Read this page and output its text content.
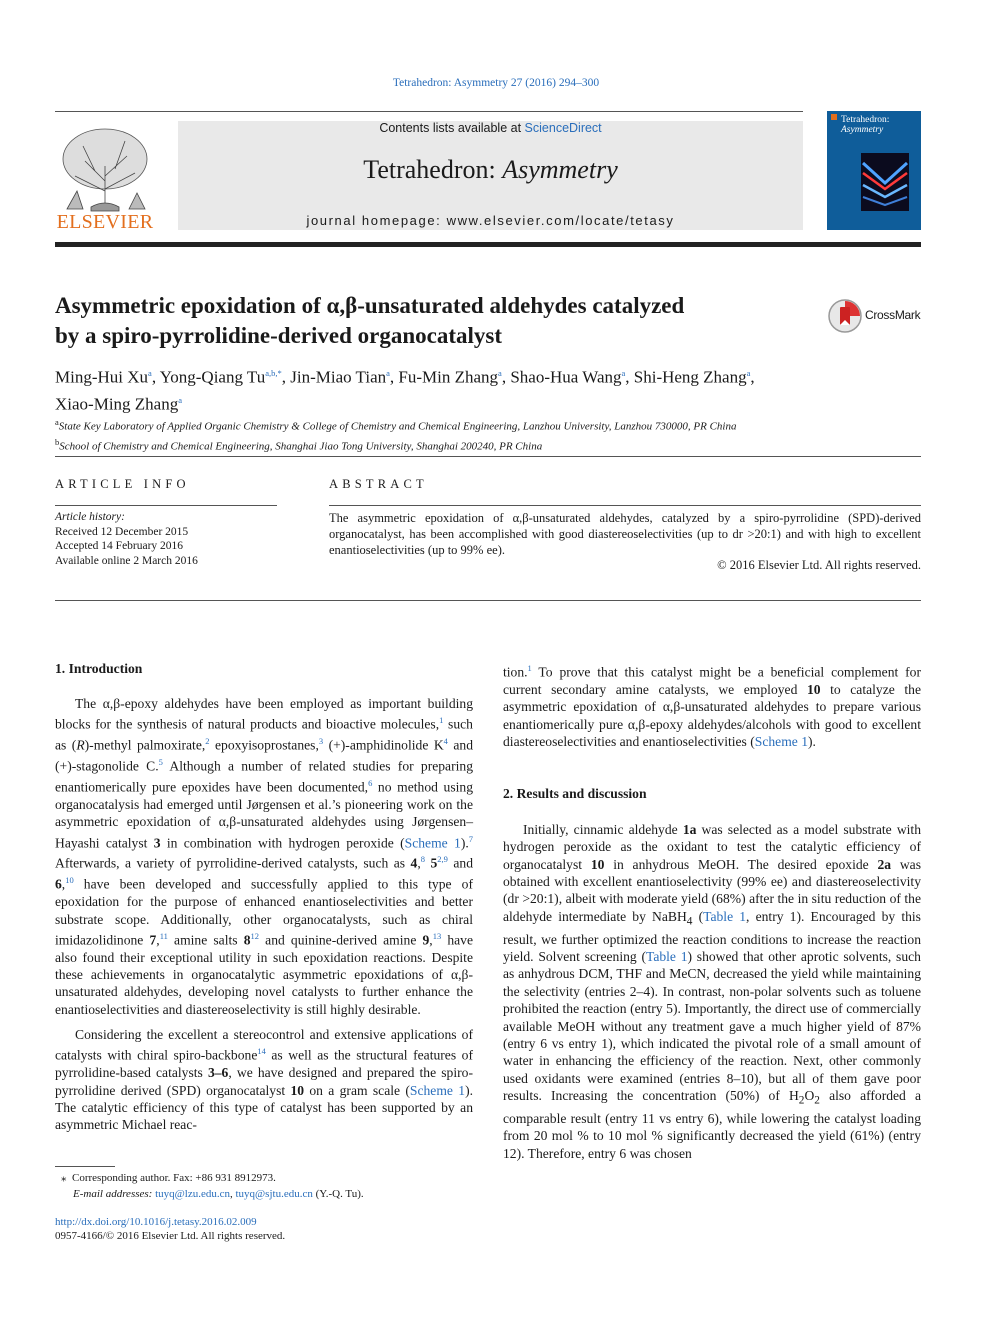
Tetrahedron: Asymmetry 27 (2016) 294–300
Contents lists available at ScienceDirect
Tetrahedron: Asymmetry
journal homepage: www.elsevier.com/locate/tetasy
ELSEVIER
Tetrahedron:
Asymmetry
Asymmetric epoxidation of α,β-unsaturated aldehydes catalyzed
by a spiro-pyrrolidine-derived organocatalyst
CrossMark
Ming-Hui Xu$^a$, Yong-Qiang $Tu^{a,b,*}$, Jin-Miao Tian$^a$, Fu-Min Zhang$^a$, Shao-Hua Wang$^a$, Shi-Heng Zhang$^a$,
Xiao-Ming Zhang$^a$
$^a$State Key Laboratory of Applied Organic Chemistry & College of Chemistry and Chemical Engineering, Lanzhou University, Lanzhou 730000, PR China
$^b$School of Chemistry and Chemical Engineering, Shanghai Jiao Tong University, Shanghai 200240, PR China
ARTICLE INFO	ABSTRACT
Article history:
Received 12 December 2015
Accepted 14 February 2016
Available online 2 March 2016
The asymmetric epoxidation of α,β-unsaturated aldehydes, catalyzed by a spiro-pyrrolidine (SPD)-derived organocatalyst, has been accomplished with good diastereoselectivities (up to dr >20:1) and with high to excellent enantioselectivities (up to 99% ee).
© 2016 Elsevier Ltd. All rights reserved.
1. Introduction

The α,β-epoxy aldehydes have been employed as important building blocks for the synthesis of natural products and bioactive molecules,$^1$ such as (R)-methyl palmoxirate,$^2$ epoxyisoprostanes,$^3$ (+)-amphidinolide $K^4$ and (+)-stagonolide C.$^5$ Although a number of related studies for preparing enantiomerically pure epoxides have been documented,$^6$ no method using organocatalysis had emerged until Jørgensen et al.’s pioneering work on the asymmetric epoxidation of α,β-unsaturated aldehydes using Jørgensen–Hayashi catalyst 3 in combination with hydrogen peroxide (Scheme 1).$^7$ Afterwards, a variety of pyrrolidine-derived catalysts, such as 4,$^8$ 5$^{2,9}$ and 6,10 have been developed and successfully applied to this type of epoxidation for the purpose of enhanced enantioselectivities and better substrate scope. Additionally, other organocatalysts, such as chiral imidazolidinone 7,11 amine salts $8^{12}$ and quinine-derived amine 9,13 have also found their exceptional utility in such epoxidation reactions. Despite these achievements in organocatalytic asymmetric epoxidations of α,β-unsaturated aldehydes, developing novel catalysts to further enhance the enantioselectivities and diastereoselectivity is still highly desirable.

Considering the excellent a stereocontrol and extensive applications of catalysts with chiral spiro-backbone$^{14}$ as well as the structural features of pyrrolidine-based catalysts 3–6, we have designed and prepared the spiro-pyrrolidine derived (SPD) organocatalyst 10 on a gram scale (Scheme 1). The catalytic efficiency of this type of catalyst has been supported by an asymmetric Michael reac-

tion.$^1$ To prove that this catalyst might be a beneficial complement for current secondary amine catalysts, we employed 10 to catalyze the asymmetric epoxidation of α,β-unsaturated aldehydes to prepare various enantiomerically pure α,β-epoxy aldehydes/alcohols with good to excellent diastereoselectivities and enantioselectivities (Scheme 1).

2. Results and discussion

Initially, cinnamic aldehyde 1a was selected as a model substrate with hydrogen peroxide as the oxidant to test the catalytic efficiency of organocatalyst 10 in anhydrous MeOH. The desired epoxide 2a was obtained with excellent enantioselectivity (99% ee) and diastereoselectivity (dr >20:1), albeit with moderate yield (68%) after the in situ reduction of the aldehyde intermediate by NaBH$_4$ (Table 1, entry 1). Encouraged by this result, we further optimized the reaction conditions to increase the reaction yield. Solvent screening (Table 1) showed that other aprotic solvents, such as anhydrous DCM, THF and MeCN, decreased the yield while maintaining the selectivity (entries 2–4). In contrast, non-polar solvents such as toluene prohibited the reaction (entry 5). Importantly, the direct use of commercially available MeOH without any treatment gave a much higher yield of 87% (entry 6 vs entry 1), which indicated the pivotal role of a small amount of water in enhancing the efficiency of the reaction. Next, other commonly used oxidants were examined (entries 8–10), but all of them gave poor results. Increasing the concentration (50%) of $H_2O_2$ also afforded a comparable result (entry 11 vs entry 6), while lowering the catalyst loading from 20 mol % to 10 mol % significantly decreased the yield (61%) (entry 12). Therefore, entry 6 was chosen

⁎ Corresponding author. Fax: +86 931 8912973.
E-mail addresses: tuyq@lzu.edu.cn, tuyq@sjtu.edu.cn (Y.-Q. Tu).
http://dx.doi.org/10.1016/j.tetasy.2016.02.009
0957-4166/© 2016 Elsevier Ltd. All rights reserved.
